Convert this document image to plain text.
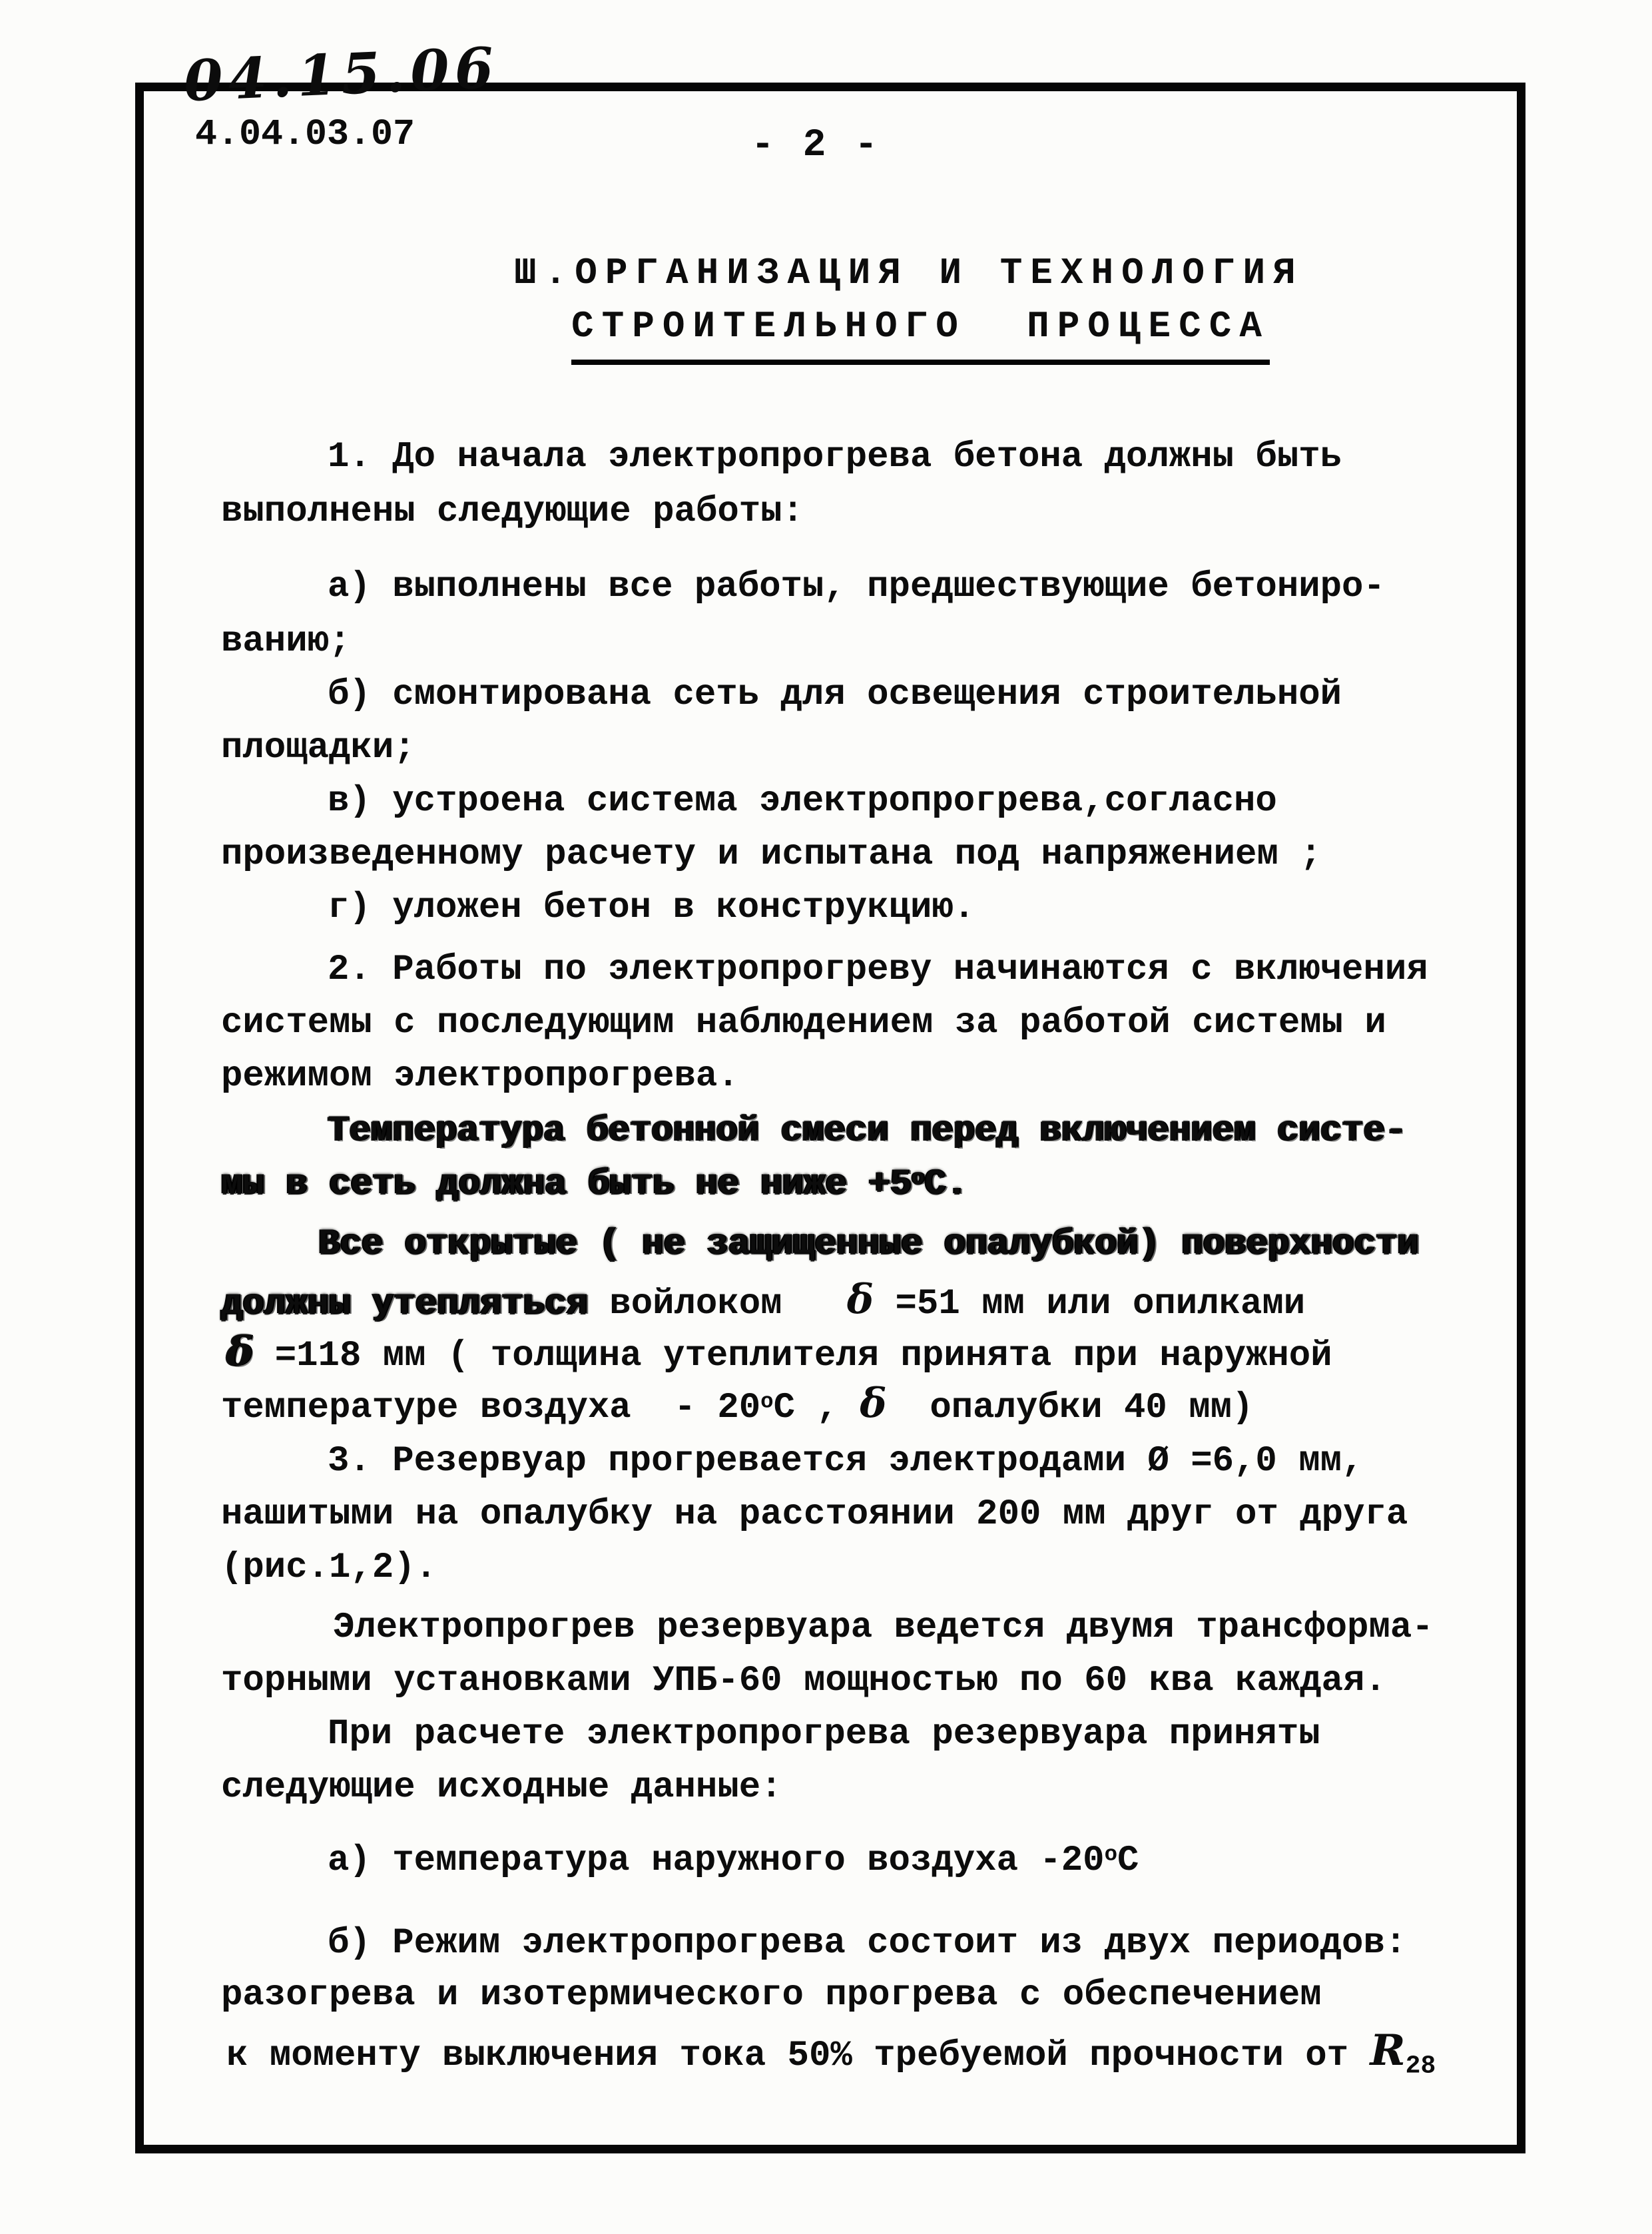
04.15.06
4.04.03.07	- 2 -
Ш.ОРГАНИЗАЦИЯ И ТЕХНОЛОГИЯ
СТРОИТЕЛЬНОГО  ПРОЦЕССА
1. До начала электропрогрева бетона должны быть
выполнены следующие работы:
а) выполнены все работы, предшествующие бетониро-
ванию;
б) смонтирована сеть для освещения строительной
площадки;
в) устроена система электропрогрева,согласно
произведенному расчету и испытана под напряжением ;
г) уложен бетон в конструкцию.
2. Работы по электропрогреву начинаются с включения
системы с последующим наблюдением за работой системы и
режимом электропрогрева.
Температура бетонной смеси перед включением систе-
мы в сеть должна быть не ниже +5оС.
Все открытые ( не защищенные опалубкой) поверхности
должны утепляться войлоком   δ =51 мм или опилками
δ =118 мм ( толщина утеплителя принята при наружной
температуре воздуха  - 20оС , δ  опалубки 40 мм)
3. Резервуар прогревается электродами Ø =6,0 мм,
нашитыми на опалубку на расстоянии 200 мм друг от друга
(рис.1,2).
Электропрогрев резервуара ведется двумя трансформа-
торными установками УПБ-60 мощностью по 60 ква каждая.
При расчете электропрогрева резервуара приняты
следующие исходные данные:
а) температура наружного воздуха -20оС
б) Режим электропрогрева состоит из двух периодов:
разогрева и изотермического прогрева с обеспечением
к моменту выключения тока 50% требуемой прочности от R28
